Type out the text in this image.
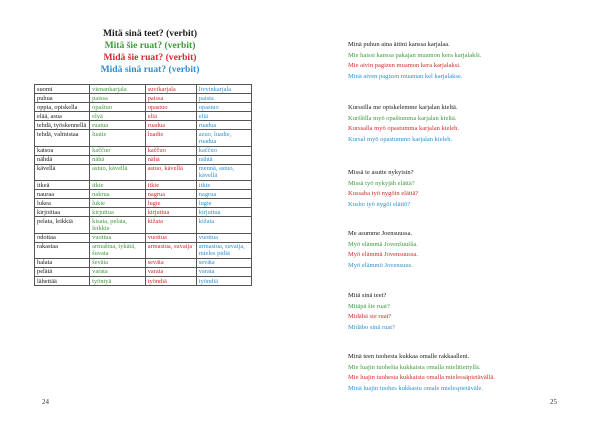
Mitä sinä teet? (verbit)
Mitä šie ruat? (verbit)
Midä šie ruat? (verbit)
Midä sinä ruat? (verbit)
suomi	vienankarjala	suvikarjala	livvinkarjala
puhua	paissa	paissa	paista
oppia, opiskella	opaštuo	opastuo	opastuo
elää, asua	elyä	eliä	eliä
tehdä, työskennellä	ruatua	ruadua	ruadua
tehdä, valmistaa	luatie	luadie	azuo, luadie, ruadua
katsoa	kaččuo	kaččuo	kaččuo
nähdä	nähä	nähä	nähtä
kävellä	astuo, kävellä	astuo, kävellä	mennä, astuo, kävellä
itkeä	itkie	itkie	itkie
nauraa	nakrua	nagrua	nagrua
lukea	lukie	lugie	lugie
kirjoittaa	kirjuttua	kirjuttua	kirjuttua
pelata, leikkiä	kisata, pelata, leikkie	kižata	kižata
odottaa	vuottua	vuottua	vuottua
rakastaa	armaštua, tykätä, šuvata	armastua, suvaija	armastua, suvaija, mieles pidiä
halata	ševäta	seväta	seväta
pelätä	varata	varata	varata
lähettää	työntyä	työndiä	työndiä
24
Minä puhun aina äitini kanssa karjalaa.
Mie haissi kanssa pakajan muamon kera karjalakši.
Mie aivin pagizen muamon kera karjalaksi.
Minä aiven pagizen muaman kel karjalakse.
Kurssilla me opiskelemme karjalan kieltä.
Kurššilla myö opaštumma karjalan kieltä.
Kurssalla myö opastumma karjalan kieleh.
Kursal myö opastummo karjalan kieleh.
Missä te asutte nykyisin?
Missä työ nykyjäh elättä?
Kussaba työ nygöin elättä?
Kusbo työ nygöi elättö?
Me asumme Joensuussa.
Myö elämmä Jovenšuušša.
Myö elämmä Jovensuussa.
Myö elämmö Jovensuus.
Mitä sinä teet?
Mitäpä šie ruat?
Midäbä sie ruat?
Midäbo sinä ruat?
Minä teen tuohesta kukkaa omalle rakkaalleni.
Mie luajin tuohešta kukkaista omalla mielitiettyllä.
Mie luajin tuohesta kukkaista omalla mielessäpietävällä.
Minä luajin tuohes kukkastu omale mielespietäväle.
25
